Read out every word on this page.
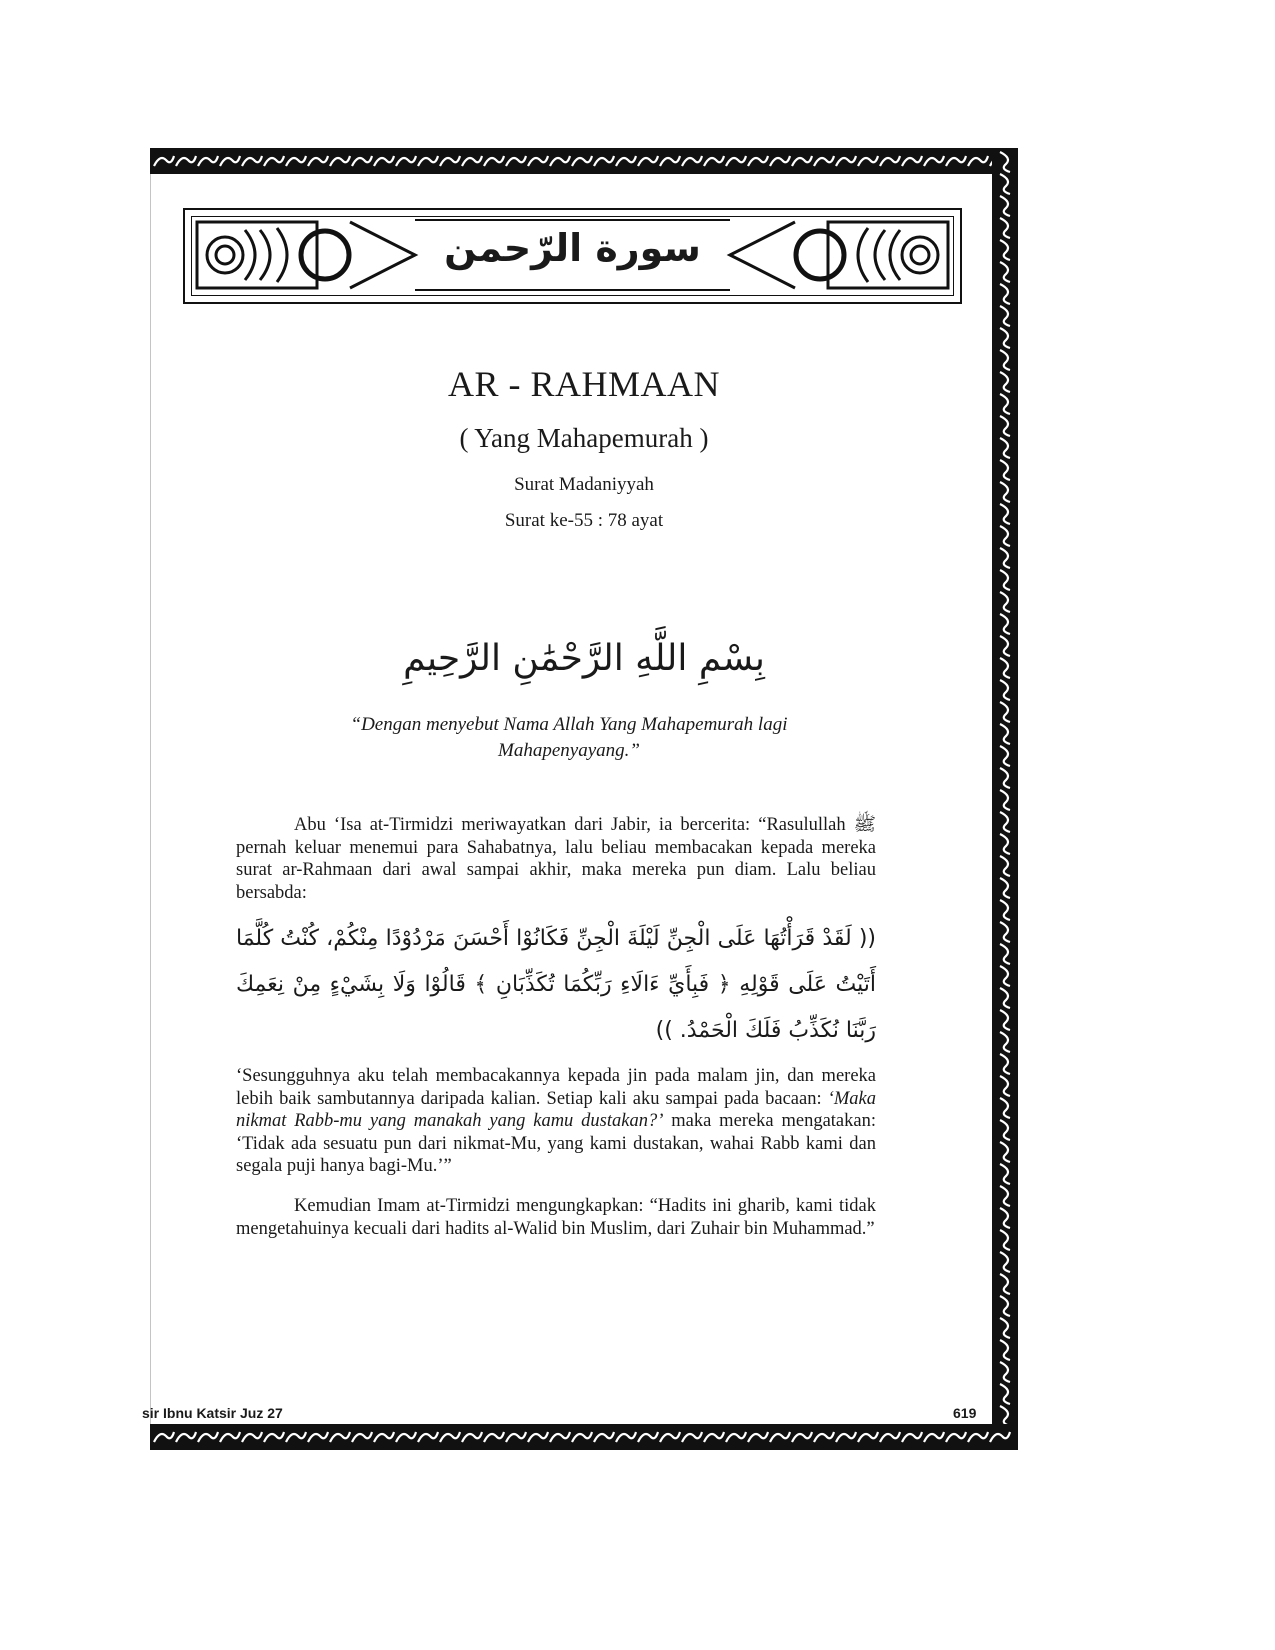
سورة الرّحمن
AR - RAHMAAN
( Yang Mahapemurah )
Surat Madaniyyah
Surat ke-55 : 78 ayat
بِسْمِ اللَّهِ الرَّحْمَٰنِ الرَّحِيمِ
“Dengan menyebut Nama Allah Yang Mahapemurah lagi Mahapenyayang.”
Abu ‘Isa at-Tirmidzi meriwayatkan dari Jabir, ia bercerita: “Rasulullah ﷺ pernah keluar menemui para Sahabatnya, lalu beliau membacakan kepada mereka surat ar-Rahmaan dari awal sampai akhir, maka mereka pun diam. Lalu beliau bersabda:
(( لَقَدْ قَرَأْتُهَا عَلَى الْجِنِّ لَيْلَةَ الْجِنِّ فَكَانُوْا أَحْسَنَ مَرْدُوْدًا مِنْكُمْ، كُنْتُ كُلَّمَا أَتَيْتُ عَلَى قَوْلِهِ ﴿ فَبِأَيِّ ءَالَاءِ رَبِّكُمَا تُكَذِّبَانِ ﴾ قَالُوْا وَلَا بِشَيْءٍ مِنْ نِعَمِكَ رَبَّنَا نُكَذِّبُ فَلَكَ الْحَمْدُ. ))
‘Sesungguhnya aku telah membacakannya kepada jin pada malam jin, dan mereka lebih baik sambutannya daripada kalian. Setiap kali aku sampai pada bacaan: ‘Maka nikmat Rabb-mu yang manakah yang kamu dustakan?’ maka mereka mengatakan: ‘Tidak ada sesuatu pun dari nikmat-Mu, yang kami dustakan, wahai Rabb kami dan segala puji hanya bagi-Mu.’”
Kemudian Imam at-Tirmidzi mengungkapkan: “Hadits ini gharib, kami tidak mengetahuinya kecuali dari hadits al-Walid bin Muslim, dari Zuhair bin Muhammad.”
sir Ibnu Katsir Juz 27	619
